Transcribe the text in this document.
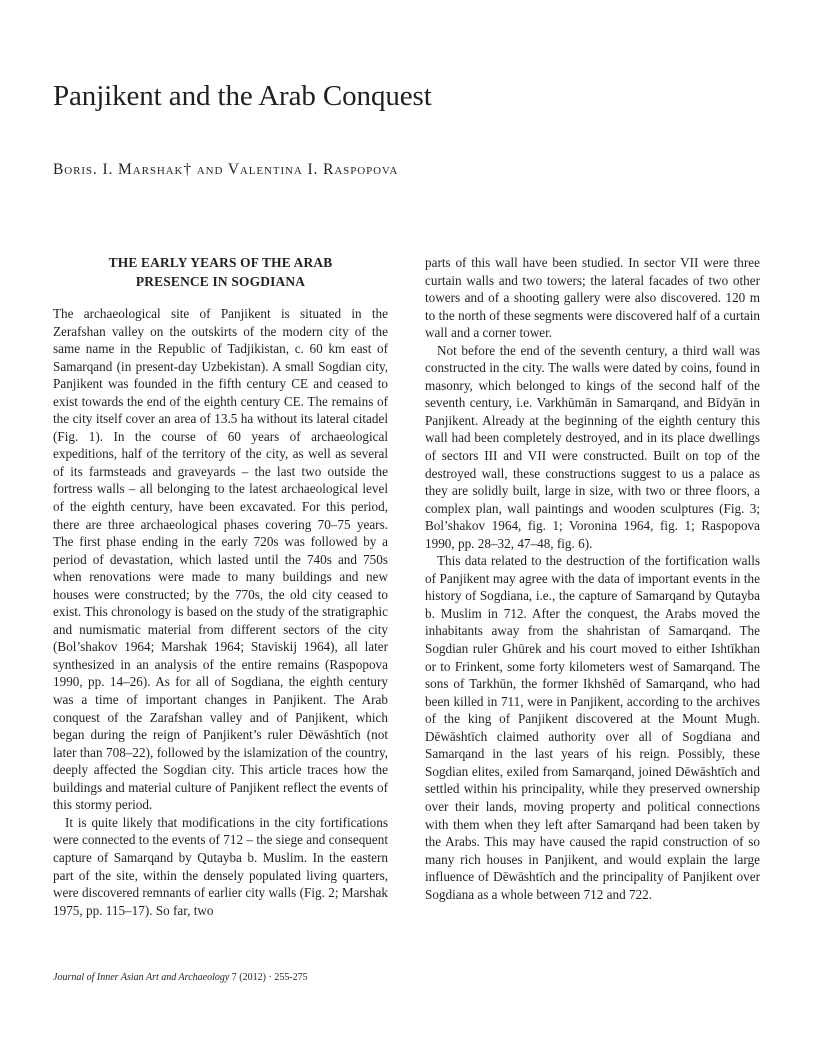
Panjikent and the Arab Conquest
Boris. I. Marshak† and Valentina I. Raspopova
THE EARLY YEARS OF THE ARAB PRESENCE IN SOGDIANA

The archaeological site of Panjikent is situated in the Zerafshan valley on the outskirts of the modern city of the same name in the Republic of Tadjikistan, c. 60 km east of Samarqand (in present-day Uzbekistan). A small Sogdian city, Panjikent was founded in the fifth century CE and ceased to exist towards the end of the eighth century CE. The remains of the city itself cover an area of 13.5 ha without its lateral citadel (Fig. 1). In the course of 60 years of archaeological expeditions, half of the territory of the city, as well as several of its farmsteads and graveyards – the last two outside the fortress walls – all belonging to the latest archaeological level of the eighth century, have been excavated. For this period, there are three archaeological phases covering 70–75 years. The first phase ending in the early 720s was followed by a period of devastation, which lasted until the 740s and 750s when renovations were made to many buildings and new houses were constructed; by the 770s, the old city ceased to exist. This chronology is based on the study of the stratigraphic and numismatic material from different sectors of the city (Bol’shakov 1964; Marshak 1964; Staviskij 1964), all later synthesized in an analysis of the entire remains (Raspopova 1990, pp. 14–26). As for all of Sogdiana, the eighth century was a time of important changes in Panjikent. The Arab conquest of the Zarafshan valley and of Panjikent, which began during the reign of Panjikent’s ruler Dēwāshtīch (not later than 708–22), followed by the islamization of the country, deeply affected the Sogdian city. This article traces how the buildings and material culture of Panjikent reflect the events of this stormy period.

It is quite likely that modifications in the city fortifications were connected to the events of 712 – the siege and consequent capture of Samarqand by Qutayba b. Muslim. In the eastern part of the site, within the densely populated living quarters, were discovered remnants of earlier city walls (Fig. 2; Marshak 1975, pp. 115–17). So far, two

parts of this wall have been studied. In sector VII were three curtain walls and two towers; the lateral facades of two other towers and of a shooting gallery were also discovered. 120 m to the north of these segments were discovered half of a curtain wall and a corner tower.

Not before the end of the seventh century, a third wall was constructed in the city. The walls were dated by coins, found in masonry, which belonged to kings of the second half of the seventh century, i.e. Varkhūmān in Samarqand, and Bīdyān in Panjikent. Already at the beginning of the eighth century this wall had been completely destroyed, and in its place dwellings of sectors III and VII were constructed. Built on top of the destroyed wall, these constructions suggest to us a palace as they are solidly built, large in size, with two or three floors, a complex plan, wall paintings and wooden sculptures (Fig. 3; Bol’shakov 1964, fig. 1; Voronina 1964, fig. 1; Raspopova 1990, pp. 28–32, 47–48, fig. 6).

This data related to the destruction of the fortification walls of Panjikent may agree with the data of important events in the history of Sogdiana, i.e., the capture of Samarqand by Qutayba b. Muslim in 712. After the conquest, the Arabs moved the inhabitants away from the shahristan of Samarqand. The Sogdian ruler Ghūrek and his court moved to either Ishtīkhan or to Frinkent, some forty kilometers west of Samarqand. The sons of Tarkhūn, the former Ikhshēd of Samarqand, who had been killed in 711, were in Panjikent, according to the archives of the king of Panjikent discovered at the Mount Mugh. Dēwāshtīch claimed authority over all of Sogdiana and Samarqand in the last years of his reign. Possibly, these Sogdian elites, exiled from Samarqand, joined Dēwāshtīch and settled within his principality, while they preserved ownership over their lands, moving property and political connections with them when they left after Samarqand had been taken by the Arabs. This may have caused the rapid construction of so many rich houses in Panjikent, and would explain the large influence of Dēwāshtīch and the principality of Panjikent over Sogdiana as a whole between 712 and 722.

Journal of Inner Asian Art and Archaeology 7 (2012) · 255-275
